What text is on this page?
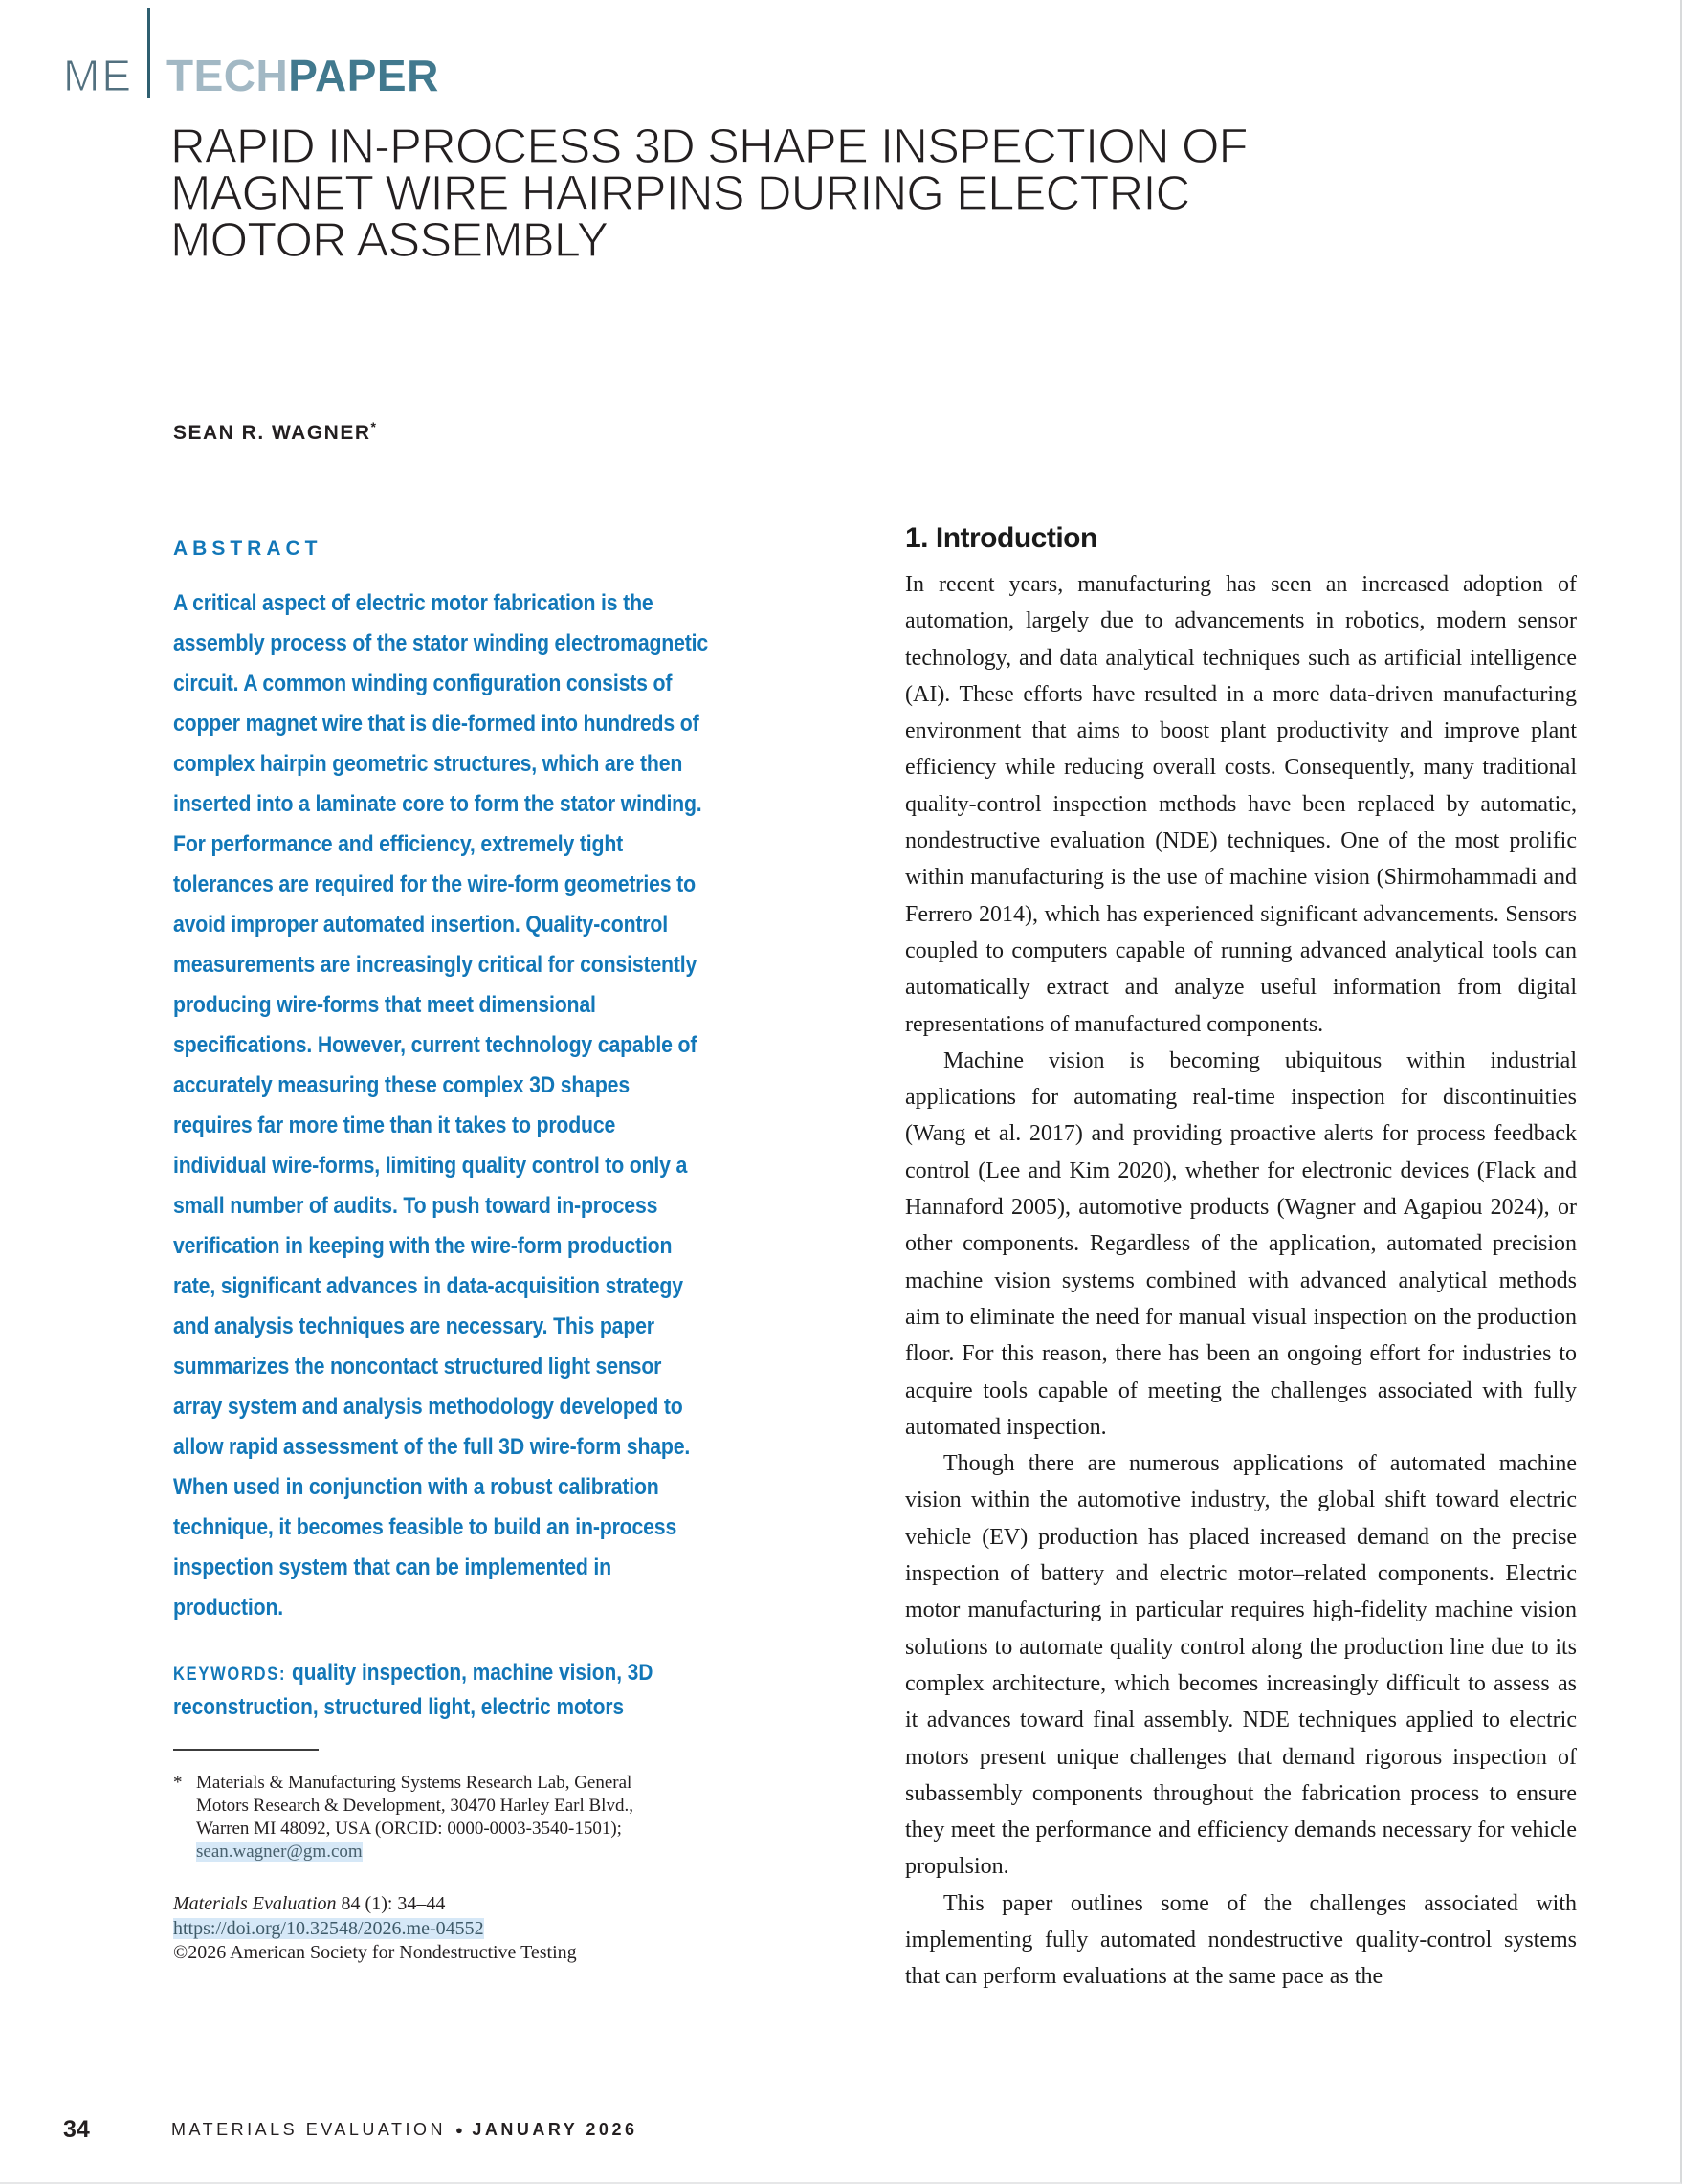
ME TECHPAPER
RAPID IN-PROCESS 3D SHAPE INSPECTION OF
MAGNET WIRE HAIRPINS DURING ELECTRIC
MOTOR ASSEMBLY
SEAN R. WAGNER*
ABSTRACT

A critical aspect of electric motor fabrication is the assembly process of the stator winding electromagnetic circuit. A common winding configuration consists of copper magnet wire that is die-formed into hundreds of complex hairpin geometric structures, which are then inserted into a laminate core to form the stator winding. For performance and efficiency, extremely tight tolerances are required for the wire-form geometries to avoid improper automated insertion. Quality-control measurements are increasingly critical for consistently producing wire-forms that meet dimensional specifications. However, current technology capable of accurately measuring these complex 3D shapes requires far more time than it takes to produce individual wire-forms, limiting quality control to only a small number of audits. To push toward in-process verification in keeping with the wire-form production rate, significant advances in data-acquisition strategy and analysis techniques are necessary. This paper summarizes the noncontact structured light sensor array system and analysis methodology developed to allow rapid assessment of the full 3D wire-form shape. When used in conjunction with a robust calibration technique, it becomes feasible to build an in-process inspection system that can be implemented in production.

KEYWORDS: quality inspection, machine vision, 3D reconstruction, structured light, electric motors

* Materials & Manufacturing Systems Research Lab, General Motors Research & Development, 30470 Harley Earl Blvd., Warren MI 48092, USA (ORCID: 0000-0003-3540-1501); sean.wagner@gm.com
Materials Evaluation 84 (1): 34–44
https://doi.org/10.32548/2026.me-04552
©2026 American Society for Nondestructive Testing
1. Introduction

In recent years, manufacturing has seen an increased adoption of automation, largely due to advancements in robotics, modern sensor technology, and data analytical techniques such as artificial intelligence (AI). These efforts have resulted in a more data-driven manufacturing environment that aims to boost plant productivity and improve plant efficiency while reducing overall costs. Consequently, many traditional quality-control inspection methods have been replaced by automatic, nondestructive evaluation (NDE) techniques. One of the most prolific within manufacturing is the use of machine vision (Shirmohammadi and Ferrero 2014), which has experienced significant advancements. Sensors coupled to computers capable of running advanced analytical tools can automatically extract and analyze useful information from digital representations of manufactured components.

Machine vision is becoming ubiquitous within industrial applications for automating real-time inspection for discontinuities (Wang et al. 2017) and providing proactive alerts for process feedback control (Lee and Kim 2020), whether for electronic devices (Flack and Hannaford 2005), automotive products (Wagner and Agapiou 2024), or other components. Regardless of the application, automated precision machine vision systems combined with advanced analytical methods aim to eliminate the need for manual visual inspection on the production floor. For this reason, there has been an ongoing effort for industries to acquire tools capable of meeting the challenges associated with fully automated inspection.

Though there are numerous applications of automated machine vision within the automotive industry, the global shift toward electric vehicle (EV) production has placed increased demand on the precise inspection of battery and electric motor–related components. Electric motor manufacturing in particular requires high-fidelity machine vision solutions to automate quality control along the production line due to its complex architecture, which becomes increasingly difficult to assess as it advances toward final assembly. NDE techniques applied to electric motors present unique challenges that demand rigorous inspection of subassembly components throughout the fabrication process to ensure they meet the performance and efficiency demands necessary for vehicle propulsion.

This paper outlines some of the challenges associated with implementing fully automated nondestructive quality-control systems that can perform evaluations at the same pace as the

34	MATERIALS EVALUATION ● JANUARY 2026
